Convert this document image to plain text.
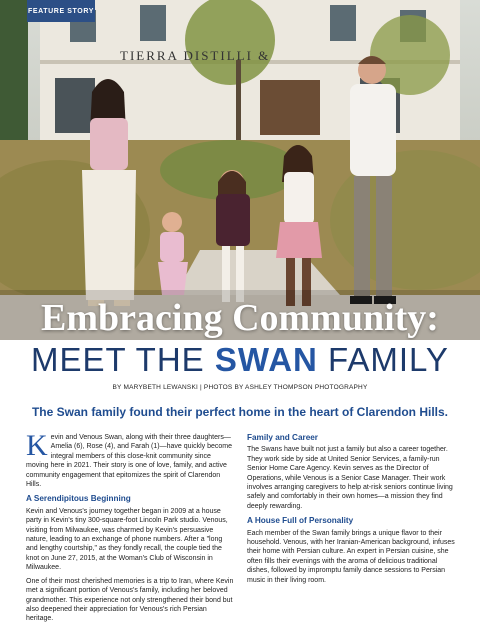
TIERRA DISTILLI &
FEATURE STORY
Embracing Community:
MEET THE SWAN FAMILY
BY MARYBETH LEWANSKI | PHOTOS BY ASHLEY THOMPSON PHOTOGRAPHY
The Swan family found their perfect home in the heart of Clarendon Hills.

Kevin and Venous Swan, along with their three daughters—Amelia (6), Rose (4), and Farah (1)—have quickly become integral members of this close-knit community since moving here in 2021. Their story is one of love, family, and active community engagement that epitomizes the spirit of Clarendon Hills.

A Serendipitous Beginning

Kevin and Venous's journey together began in 2009 at a house party in Kevin's tiny 300-square-foot Lincoln Park studio. Venous, visiting from Milwaukee, was charmed by Kevin's persuasive nature, leading to an exchange of phone numbers. After a "long and lengthy courtship," as they fondly recall, the couple tied the knot on June 27, 2015, at the Woman's Club of Wisconsin in Milwaukee.

One of their most cherished memories is a trip to Iran, where Kevin met a significant portion of Venous's family, including her beloved grandmother. This experience not only strengthened their bond but also deepened their appreciation for Venous's rich Persian heritage.

Family and Career

The Swans have built not just a family but also a career together. They work side by side at United Senior Services, a family-run Senior Home Care Agency. Kevin serves as the Director of Operations, while Venous is a Senior Case Manager. Their work involves arranging caregivers to help at-risk seniors continue living safely and comfortably in their own homes—a mission they find deeply rewarding.

A House Full of Personality

Each member of the Swan family brings a unique flavor to their household. Venous, with her Iranian-American background, infuses their home with Persian culture. An expert in Persian cuisine, she often fills their evenings with the aroma of delicious traditional dishes, followed by impromptu family dance sessions to Persian music in their living room.
